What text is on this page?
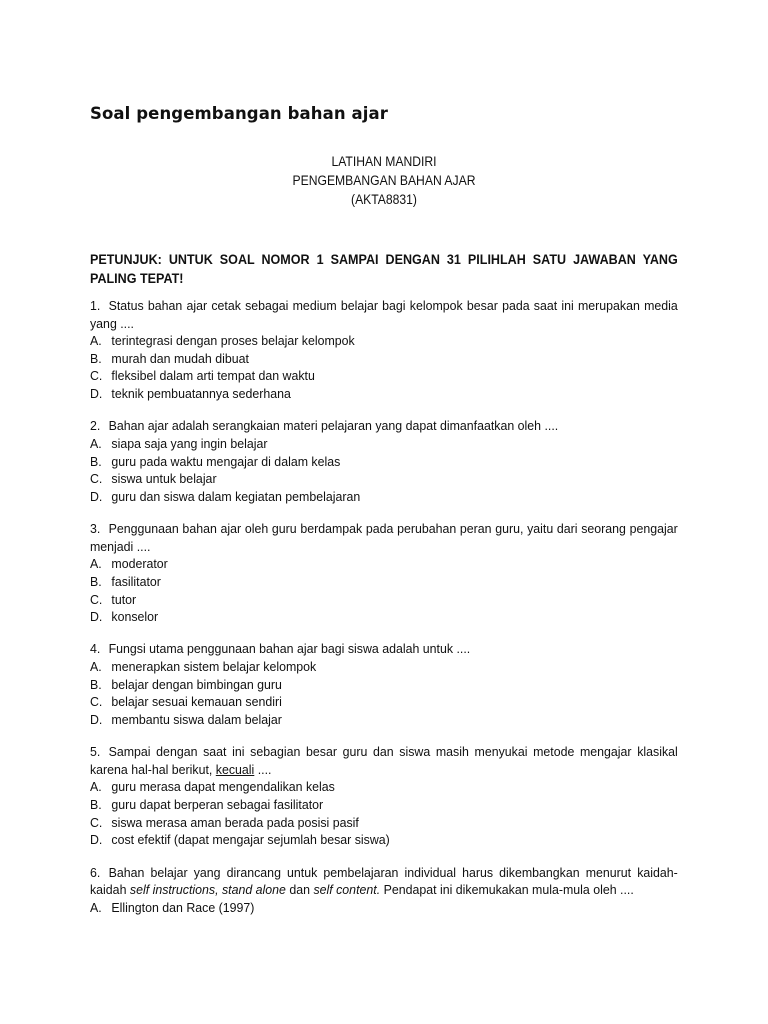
Soal pengembangan bahan ajar
LATIHAN MANDIRI
PENGEMBANGAN BAHAN AJAR
(AKTA8831)
PETUNJUK: UNTUK SOAL NOMOR 1 SAMPAI DENGAN 31 PILIHLAH SATU JAWABAN YANG PALING TEPAT!
1. Status bahan ajar cetak sebagai medium belajar bagi kelompok besar pada saat ini merupakan media yang ....
A. terintegrasi dengan proses belajar kelompok
B. murah dan mudah dibuat
C. fleksibel dalam arti tempat dan waktu
D. teknik pembuatannya sederhana
2. Bahan ajar adalah serangkaian materi pelajaran yang dapat dimanfaatkan oleh ....
A. siapa saja yang ingin belajar
B. guru pada waktu mengajar di dalam kelas
C. siswa untuk belajar
D. guru dan siswa dalam kegiatan pembelajaran
3. Penggunaan bahan ajar oleh guru berdampak pada perubahan peran guru, yaitu dari seorang pengajar menjadi ....
A. moderator
B. fasilitator
C. tutor
D. konselor
4. Fungsi utama penggunaan bahan ajar bagi siswa adalah untuk ....
A. menerapkan sistem belajar kelompok
B. belajar dengan bimbingan guru
C. belajar sesuai kemauan sendiri
D. membantu siswa dalam belajar
5. Sampai dengan saat ini sebagian besar guru dan siswa masih menyukai metode mengajar klasikal karena hal-hal berikut, kecuali ....
A. guru merasa dapat mengendalikan kelas
B. guru dapat berperan sebagai fasilitator
C. siswa merasa aman berada pada posisi pasif
D. cost efektif (dapat mengajar sejumlah besar siswa)
6. Bahan belajar yang dirancang untuk pembelajaran individual harus dikembangkan menurut kaidah-kaidah self instructions, stand alone dan self content. Pendapat ini dikemukakan mula-mula oleh ....
A. Ellington dan Race (1997)
